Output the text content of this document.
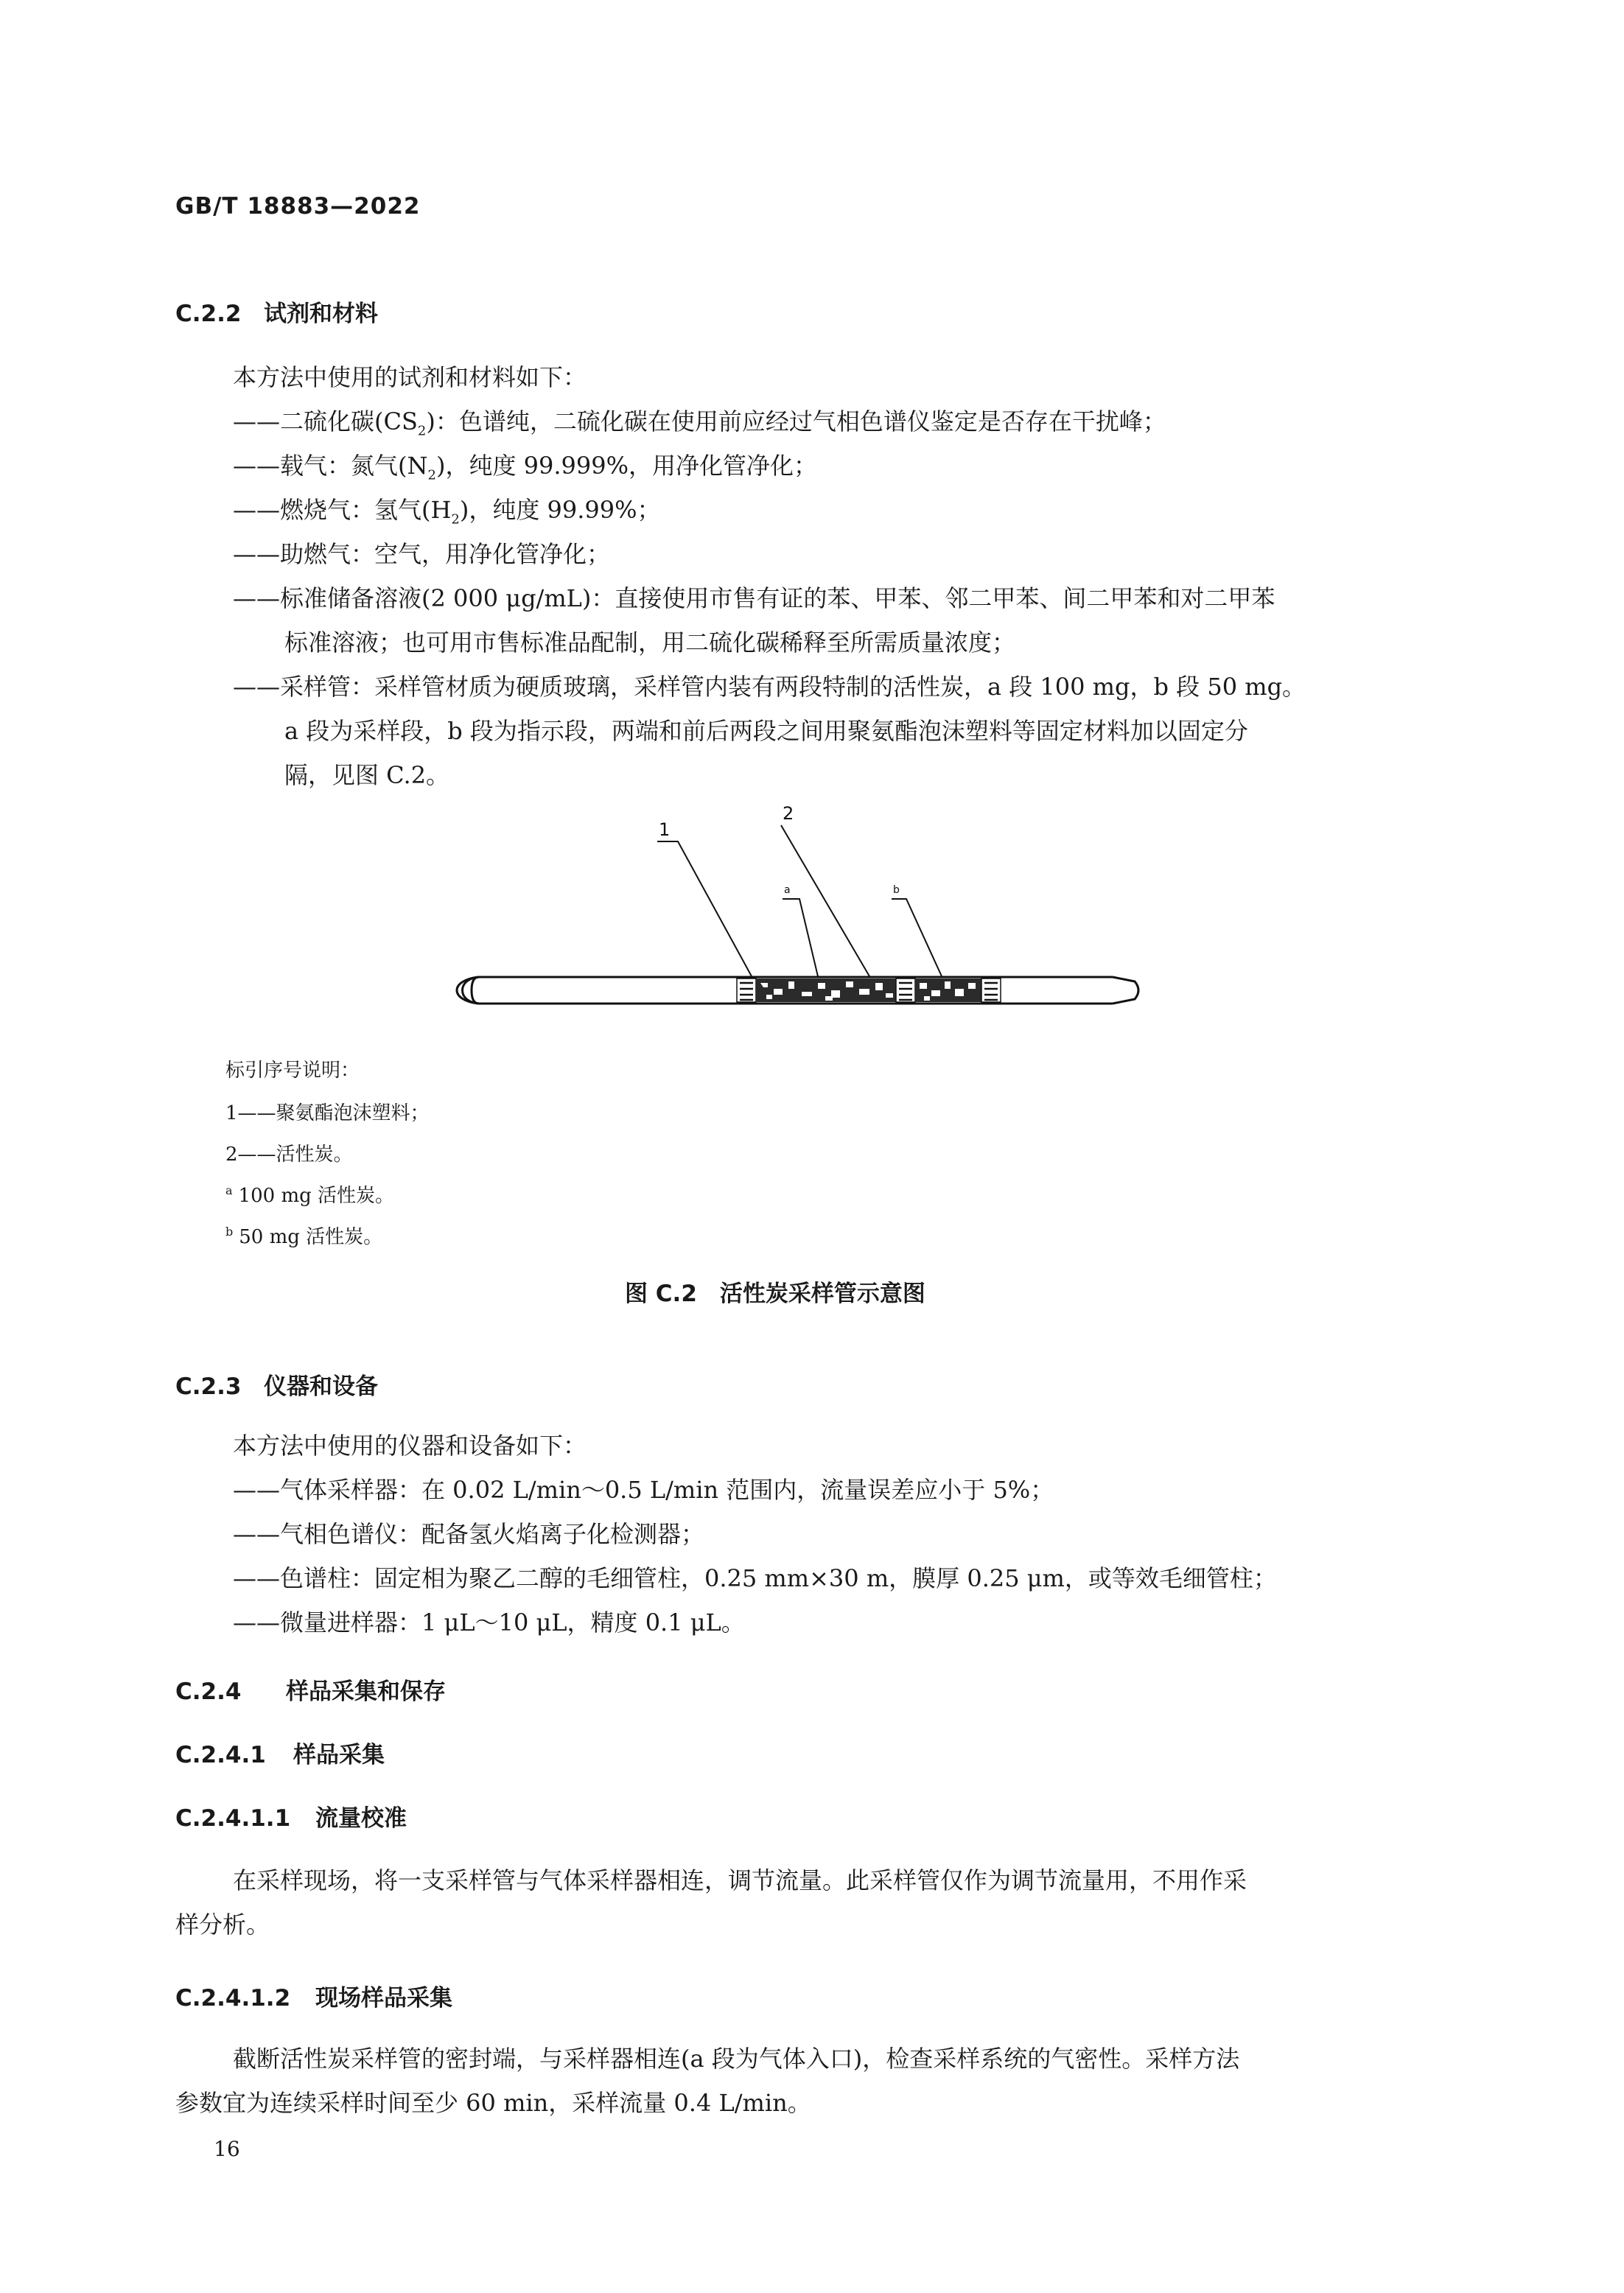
GB/T 18883—2022
C.2.2 试剂和材料
本方法中使用的试剂和材料如下：
——二硫化碳$(CS_2)$：色谱纯，二硫化碳在使用前应经过气相色谱仪鉴定是否存在干扰峰；
——载气：氮气$(N_2)$，纯度 99.999%，用净化管净化；
——燃烧气：氢气$(H_2)$，纯度 99.99%；
——助燃气：空气，用净化管净化；
——标准储备溶液(2 000 μg/mL)：直接使用市售有证的苯、甲苯、邻二甲苯、间二甲苯和对二甲苯
标准溶液；也可用市售标准品配制，用二硫化碳稀释至所需质量浓度；
——采样管：采样管材质为硬质玻璃，采样管内装有两段特制的活性炭，a 段 100 mg，b 段 50 mg。
a 段为采样段，b 段为指示段，两端和前后两段之间用聚氨酯泡沫塑料等固定材料加以固定分
隔，见图 C.2。
1
2
a	b
标引序号说明：
1——聚氨酯泡沫塑料；
2——活性炭。
$^a$ 100 mg 活性炭。
$^b$ 50 mg 活性炭。
图 C.2　活性炭采样管示意图
C.2.3 仪器和设备
本方法中使用的仪器和设备如下：
——气体采样器：在 0.02 L/min～0.5 L/min 范围内，流量误差应小于 5%；
——气相色谱仪：配备氢火焰离子化检测器；
——色谱柱：固定相为聚乙二醇的毛细管柱，0.25 mm×30 m，膜厚 0.25 μm，或等效毛细管柱；
——微量进样器：1 μL～10 μL，精度 0.1 μL。
C.2.4 样品采集和保存
C.2.4.1 样品采集
C.2.4.1.1 流量校准
在采样现场，将一支采样管与气体采样器相连，调节流量。此采样管仅作为调节流量用，不用作采
样分析。
C.2.4.1.2 现场样品采集
截断活性炭采样管的密封端，与采样器相连(a 段为气体入口)，检查采样系统的气密性。采样方法
参数宜为连续采样时间至少 60 min，采样流量 0.4 L/min。
16
